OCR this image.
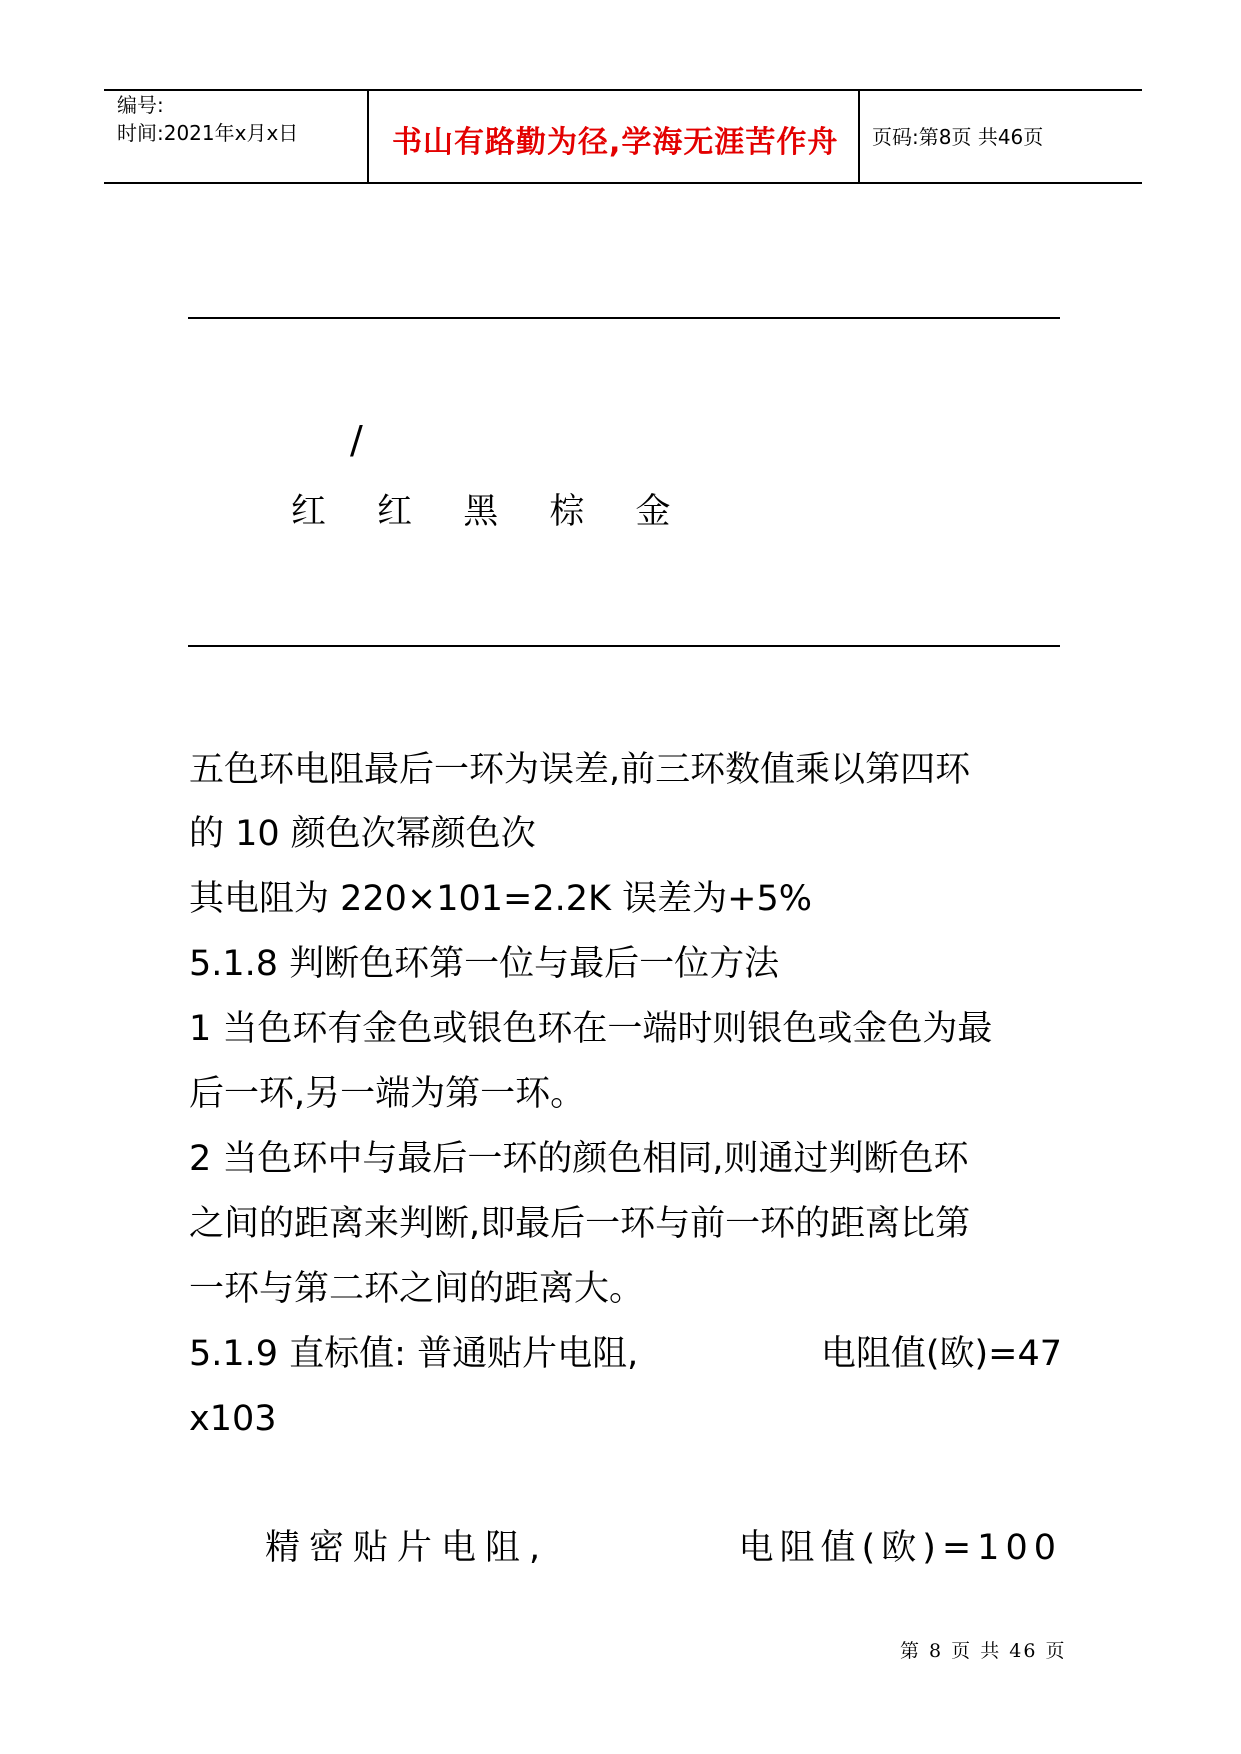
编号:
时间:2021年x月x日	书山有路勤为径,学海无涯苦作舟 页码:第8页 共46页
/
红 红 黑 棕 金
五色环电阻最后一环为误差,前三环数值乘以第四环
的 10 颜色次幂颜色次
其电阻为 220×101=2.2K 误差为+5%
5.1.8 判断色环第一位与最后一位方法
1 当色环有金色或银色环在一端时则银色或金色为最
后一环,另一端为第一环。
2 当色环中与最后一环的颜色相同,则通过判断色环
之间的距离来判断,即最后一环与前一环的距离比第
一环与第二环之间的距离大。
5.1.9 直标值: 普通贴片电阻,	电阻值(欧)=47
x103
精密贴片电阻,	电阻值(欧)=100
第 8 页 共 46 页
